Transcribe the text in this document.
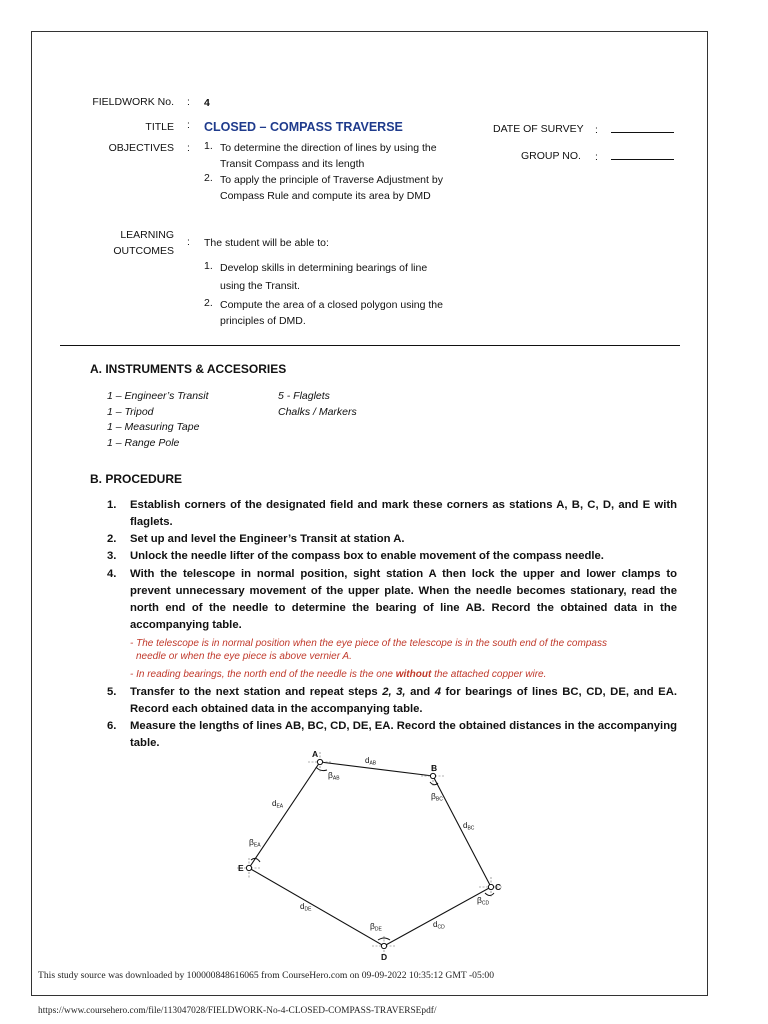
FIELDWORK No. : 4
TITLE : CLOSED – COMPASS TRAVERSE
OBJECTIVES : 1. To determine the direction of lines by using the
Transit Compass and its length
2. To apply the principle of Traverse Adjustment by
Compass Rule and compute its area by DMD
LEARNING
OUTCOMES
: The student will be able to:
1. Develop skills in determining bearings of line
using the Transit.
2. Compute the area of a closed polygon using the
principles of DMD.
DATE OF SURVEY :
GROUP NO. :
A. INSTRUMENTS & ACCESORIES
1 – Engineer’s Transit
1 – Tripod
1 – Measuring Tape
1 – Range Pole
5 - Flaglets
Chalks / Markers
B. PROCEDURE
1. Establish corners of the designated field and mark these corners as stations A, B, C, D, and E with flaglets.
2. Set up and level the Engineer’s Transit at station A.
3. Unlock the needle lifter of the compass box to enable movement of the compass needle.
4. With the telescope in normal position, sight station A then lock the upper and lower clamps to prevent unnecessary movement of the upper plate. When the needle becomes stationary, read the north end of the needle to determine the bearing of line AB. Record the obtained data in the accompanying table.
- The telescope is in normal position when the eye piece of the telescope is in the south end of the compass
needle or when the eye piece is above vernier A.
- In reading bearings, the north end of the needle is the one without the attached copper wire.
5. Transfer to the next station and repeat steps 2, 3, and 4 for bearings of lines BC, CD, DE, and EA. Record each obtained data in the accompanying table.
6. Measure the lengths of lines AB, BC, CD, DE, EA. Record the obtained distances in the accompanying table.
A
B
C
D
E
dAB
dBC
dCD
dDE
dEA
βAB
βBC
βCD
βDE
βEA
This study source was downloaded by 100000848616065 from CourseHero.com on 09-09-2022 10:35:12 GMT -05:00
https://www.coursehero.com/file/113047028/FIELDWORK-No-4-CLOSED-COMPASS-TRAVERSEpdf/
